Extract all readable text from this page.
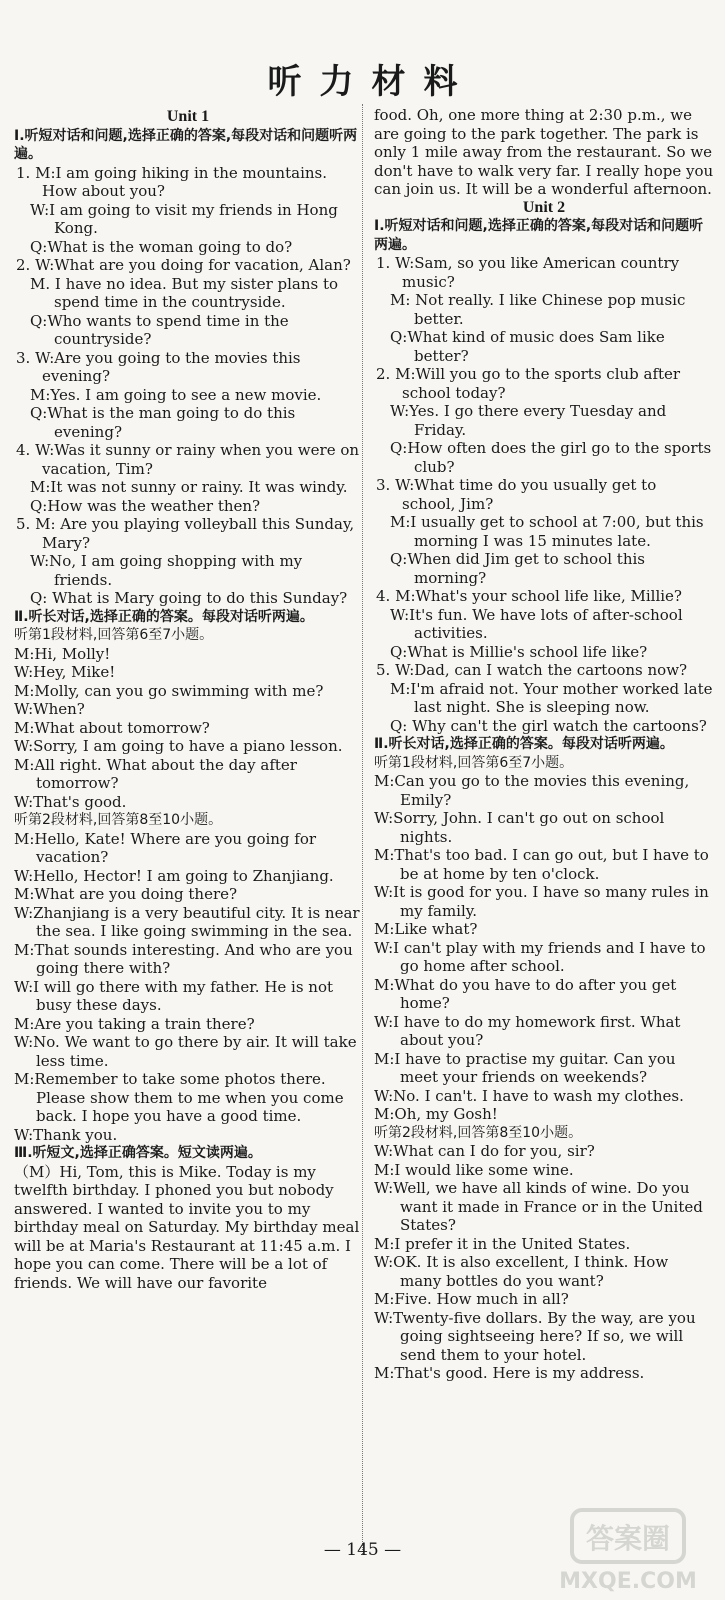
听力材料

Unit 1

Ⅰ.听短对话和问题,选择正确的答案,每段对话和问题听两遍。

1. M:I am going hiking in the mountains. How about you?

W:I am going to visit my friends in Hong Kong.

Q:What is the woman going to do?

2. W:What are you doing for vacation, Alan?

M. I have no idea. But my sister plans to spend time in the countryside.

Q:Who wants to spend time in the countryside?

3. W:Are you going to the movies this evening?

M:Yes. I am going to see a new movie.

Q:What is the man going to do this evening?

4. W:Was it sunny or rainy when you were on vacation, Tim?

M:It was not sunny or rainy. It was windy.

Q:How was the weather then?

5. M: Are you playing volleyball this Sunday, Mary?

W:No, I am going shopping with my friends.

Q: What is Mary going to do this Sunday?

Ⅱ.听长对话,选择正确的答案。每段对话听两遍。

听第1段材料,回答第6至7小题。

M:Hi, Molly!

W:Hey, Mike!

M:Molly, can you go swimming with me?

W:When?

M:What about tomorrow?

W:Sorry, I am going to have a piano lesson.

M:All right. What about the day after tomorrow?

W:That's good.

听第2段材料,回答第8至10小题。

M:Hello, Kate! Where are you going for vacation?

W:Hello, Hector! I am going to Zhanjiang.

M:What are you doing there?

W:Zhanjiang is a very beautiful city. It is near the sea. I like going swimming in the sea.

M:That sounds interesting. And who are you going there with?

W:I will go there with my father. He is not busy these days.

M:Are you taking a train there?

W:No. We want to go there by air. It will take less time.

M:Remember to take some photos there. Please show them to me when you come back. I hope you have a good time.

W:Thank you.

Ⅲ.听短文,选择正确答案。短文读两遍。

（M）Hi, Tom, this is Mike. Today is my twelfth birthday. I phoned you but nobody answered. I wanted to invite you to my birthday meal on Saturday. My birthday meal will be at Maria's Restaurant at 11:45 a.m. I hope you can come. There will be a lot of friends. We will have our favorite

food. Oh, one more thing at 2:30 p.m., we are going to the park together. The park is only 1 mile away from the restaurant. So we don't have to walk very far. I really hope you can join us. It will be a wonderful afternoon.

Unit 2

Ⅰ.听短对话和问题,选择正确的答案,每段对话和问题听两遍。

1. W:Sam, so you like American country music?

M: Not really. I like Chinese pop music better.

Q:What kind of music does Sam like better?

2. M:Will you go to the sports club after school today?

W:Yes. I go there every Tuesday and Friday.

Q:How often does the girl go to the sports club?

3. W:What time do you usually get to school, Jim?

M:I usually get to school at 7:00, but this morning I was 15 minutes late.

Q:When did Jim get to school this morning?

4. M:What's your school life like, Millie?

W:It's fun. We have lots of after-school activities.

Q:What is Millie's school life like?

5. W:Dad, can I watch the cartoons now?

M:I'm afraid not. Your mother worked late last night. She is sleeping now.

Q: Why can't the girl watch the cartoons?

Ⅱ.听长对话,选择正确的答案。每段对话听两遍。

听第1段材料,回答第6至7小题。

M:Can you go to the movies this evening, Emily?

W:Sorry, John. I can't go out on school nights.

M:That's too bad. I can go out, but I have to be at home by ten o'clock.

W:It is good for you. I have so many rules in my family.

M:Like what?

W:I can't play with my friends and I have to go home after school.

M:What do you have to do after you get home?

W:I have to do my homework first. What about you?

M:I have to practise my guitar. Can you meet your friends on weekends?

W:No. I can't. I have to wash my clothes.

M:Oh, my Gosh!

听第2段材料,回答第8至10小题。

W:What can I do for you, sir?

M:I would like some wine.

W:Well, we have all kinds of wine. Do you want it made in France or in the United States?

M:I prefer it in the United States.

W:OK. It is also excellent, I think. How many bottles do you want?

M:Five. How much in all?

W:Twenty-five dollars. By the way, are you going sightseeing here? If so, we will send them to your hotel.

M:That's good. Here is my address.

— 145 —	答案圈
MXQE.COM
